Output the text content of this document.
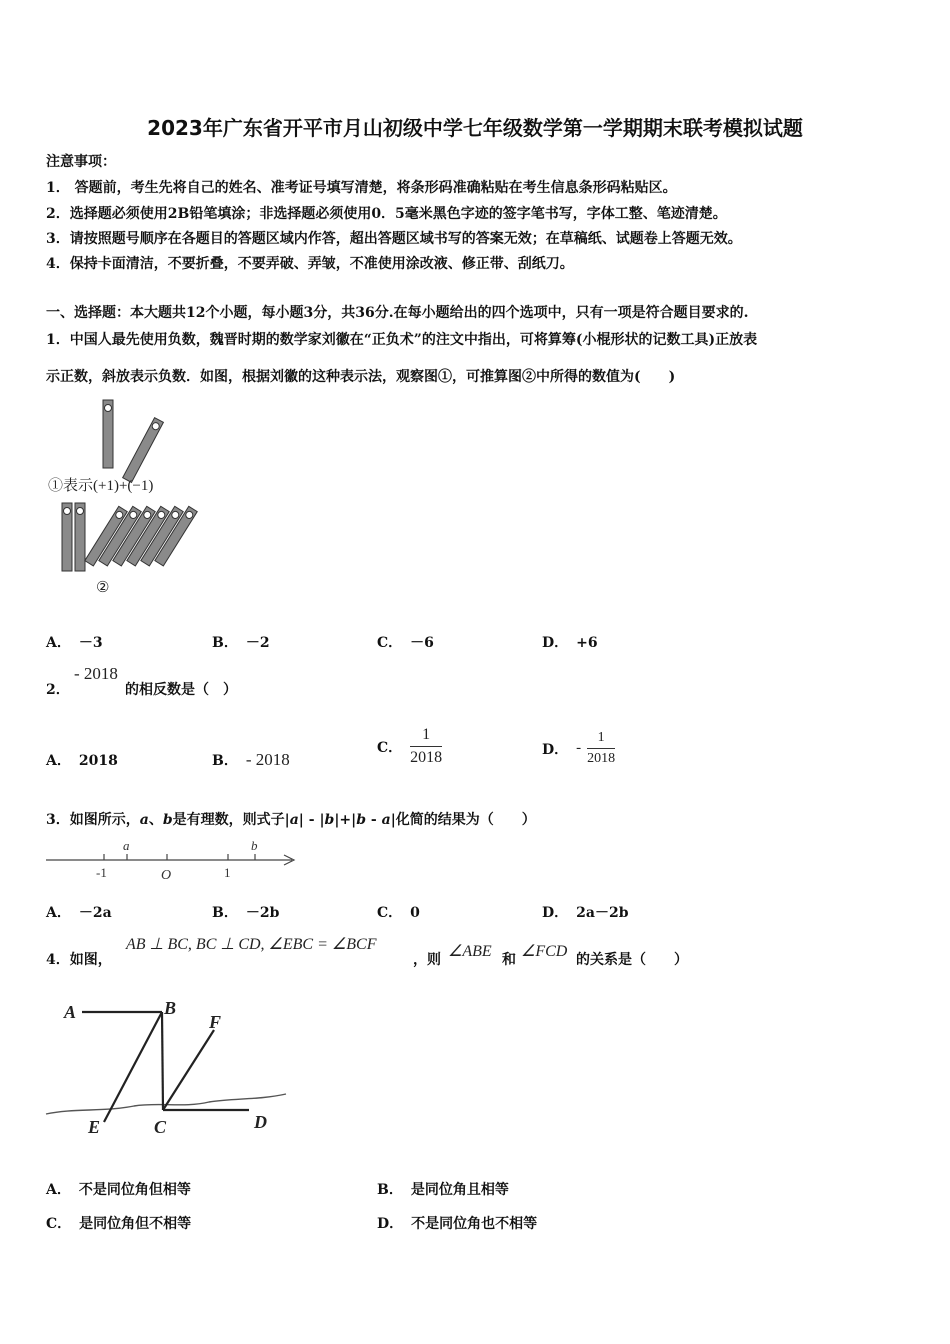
2023年广东省开平市月山初级中学七年级数学第一学期期末联考模拟试题
注意事项：
1． 答题前，考生先将自己的姓名、准考证号填写清楚，将条形码准确粘贴在考生信息条形码粘贴区。
2．选择题必须使用2B铅笔填涂；非选择题必须使用0．5毫米黑色字迹的签字笔书写，字体工整、笔迹清楚。
3．请按照题号顺序在各题目的答题区域内作答，超出答题区域书写的答案无效；在草稿纸、试题卷上答题无效。
4．保持卡面清洁，不要折叠，不要弄破、弄皱，不准使用涂改液、修正带、刮纸刀。
一、选择题：本大题共12个小题，每小题3分，共36分.在每小题给出的四个选项中，只有一项是符合题目要求的.
1．中国人最先使用负数，魏晋时期的数学家刘徽在“正负术”的注文中指出，可将算筹(小棍形状的记数工具)正放表
示正数，斜放表示负数．如图，根据刘徽的这种表示法，观察图①，可推算图②中所得的数值为(　　)
①表示(+1)+(−1)
②
A． －3	B． －2	C． －6	D． +6
2．
- 2018
的相反数是（　）
A． 2018	B． - 2018
C． $\frac{1}{2018}$	D． - $\frac{1}{2018}$
3．如图所示，a、b是有理数，则式子|a| - |b|+|b - a|化简的结果为（　　）
-1	O	1
a	b
A． －2a	B． －2b	C． 0	D． 2a－2b
4．如图，
AB ⊥ BC, BC ⊥ CD, ∠EBC = ∠BCF
，则 ∠ABE 和 ∠FCD 的关系是（　　）
A	B
F
E	C	D
A． 不是同位角但相等	B． 是同位角且相等
C． 是同位角但不相等	D． 不是同位角也不相等
